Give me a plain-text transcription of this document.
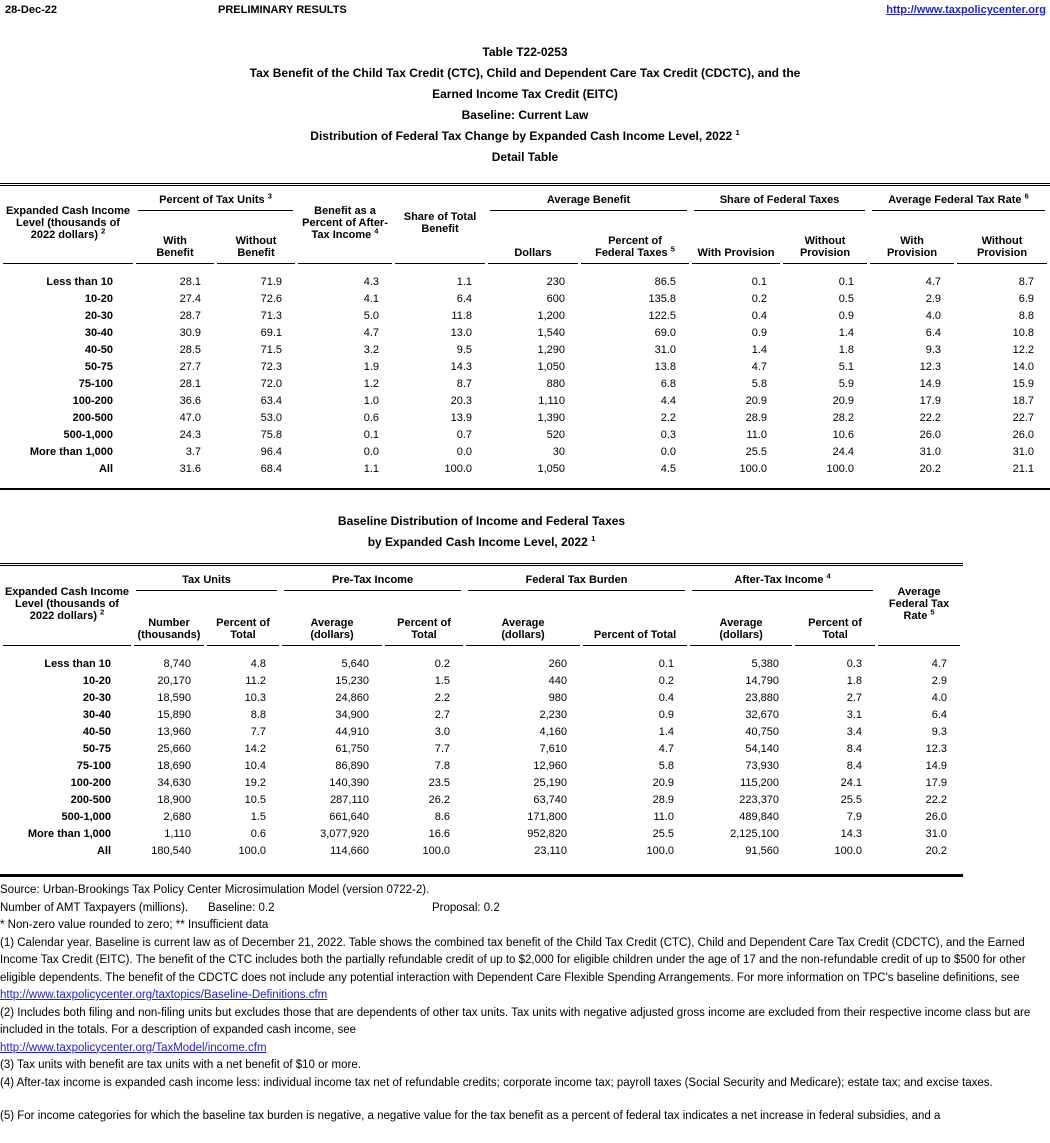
28-Dec-22	PRELIMINARY RESULTS	http://www.taxpolicycenter.org
Table T22-0253
Tax Benefit of the Child Tax Credit (CTC), Child and Dependent Care Tax Credit (CDCTC), and the
Earned Income Tax Credit (EITC)
Baseline: Current Law
Distribution of Federal Tax Change by Expanded Cash Income Level, 2022 $^1$
Detail Table
Expanded Cash Income Level (thousands of 2022 dollars) $^2$	Percent of Tax Units $^3$		Benefit as a Percent of After-Tax Income $^4$	Share of Total Benefit	Average Benefit		Share of Federal Taxes		Average Federal Tax Rate $^6$

	With Benefit	Without Benefit			Dollars	Percent of Federal Taxes $^5$	With Provision	Without Provision	With Provision	Without Provision
Less than 10	28.1	71.9	4.3	1.1	230	86.5	0.1	0.1	4.7	8.7
10-20	27.4	72.6	4.1	6.4	600	135.8	0.2	0.5	2.9	6.9
20-30	28.7	71.3	5.0	11.8	1,200	122.5	0.4	0.9	4.0	8.8
30-40	30.9	69.1	4.7	13.0	1,540	69.0	0.9	1.4	6.4	10.8
40-50	28.5	71.5	3.2	9.5	1,290	31.0	1.4	1.8	9.3	12.2
50-75	27.7	72.3	1.9	14.3	1,050	13.8	4.7	5.1	12.3	14.0
75-100	28.1	72.0	1.2	8.7	880	6.8	5.8	5.9	14.9	15.9
100-200	36.6	63.4	1.0	20.3	1,110	4.4	20.9	20.9	17.9	18.7
200-500	47.0	53.0	0.6	13.9	1,390	2.2	28.9	28.2	22.2	22.7
500-1,000	24.3	75.8	0.1	0.7	520	0.3	11.0	10.6	26.0	26.0
More than 1,000	3.7	96.4	0.0	0.0	30	0.0	25.5	24.4	31.0	31.0
All	31.6	68.4	1.1	100.0	1,050	4.5	100.0	100.0	20.2	21.1
Baseline Distribution of Income and Federal Taxes
by Expanded Cash Income Level, 2022 $^1$
Expanded Cash Income Level (thousands of 2022 dollars) $^2$	Tax Units		Pre-Tax Income		Federal Tax Burden		After-Tax Income $^4$		Average Federal Tax Rate $^5$
	Number (thousands)	Percent of Total	Average (dollars)	Percent of Total	Average (dollars)	Percent of Total	Average (dollars)	Percent of Total	
Less than 10	8,740	4.8	5,640	0.2	260	0.1	5,380	0.3	4.7
10-20	20,170	11.2	15,230	1.5	440	0.2	14,790	1.8	2.9
20-30	18,590	10.3	24,860	2.2	980	0.4	23,880	2.7	4.0
30-40	15,890	8.8	34,900	2.7	2,230	0.9	32,670	3.1	6.4
40-50	13,960	7.7	44,910	3.0	4,160	1.4	40,750	3.4	9.3
50-75	25,660	14.2	61,750	7.7	7,610	4.7	54,140	8.4	12.3
75-100	18,690	10.4	86,890	7.8	12,960	5.8	73,930	8.4	14.9
100-200	34,630	19.2	140,390	23.5	25,190	20.9	115,200	24.1	17.9
200-500	18,900	10.5	287,110	26.2	63,740	28.9	223,370	25.5	22.2
500-1,000	2,680	1.5	661,640	8.6	171,800	11.0	489,840	7.9	26.0
More than 1,000	1,110	0.6	3,077,920	16.6	952,820	25.5	2,125,100	14.3	31.0
All	180,540	100.0	114,660	100.0	23,110	100.0	91,560	100.0	20.2
Source: Urban-Brookings Tax Policy Center Microsimulation Model (version 0722-2).
Number of AMT Taxpayers (millions). Baseline: 0.2	Proposal: 0.2
* Non-zero value rounded to zero; ** Insufficient data
(1) Calendar year. Baseline is current law as of December 21, 2022. Table shows the combined tax benefit of the Child Tax Credit (CTC), Child and Dependent Care Tax Credit (CDCTC), and the Earned Income Tax Credit (EITC). The benefit of the CTC includes both the partially refundable credit of up to $2,000 for eligible children under the age of 17 and the non-refundable credit of up to $500 for other eligible dependents. The benefit of the CDCTC does not include any potential interaction with Dependent Care Flexible Spending Arrangements. For more information on TPC's baseline definitions, see
http://www.taxpolicycenter.org/taxtopics/Baseline-Definitions.cfm
(2) Includes both filing and non-filing units but excludes those that are dependents of other tax units. Tax units with negative adjusted gross income are excluded from their respective income class but are included in the totals. For a description of expanded cash income, see
http://www.taxpolicycenter.org/TaxModel/income.cfm
(3) Tax units with benefit are tax units with a net benefit of $10 or more.
(4) After-tax income is expanded cash income less: individual income tax net of refundable credits; corporate income tax; payroll taxes (Social Security and Medicare); estate tax; and excise taxes.
(5) For income categories for which the baseline tax burden is negative, a negative value for the tax benefit as a percent of federal tax indicates a net increase in federal subsidies, and a
